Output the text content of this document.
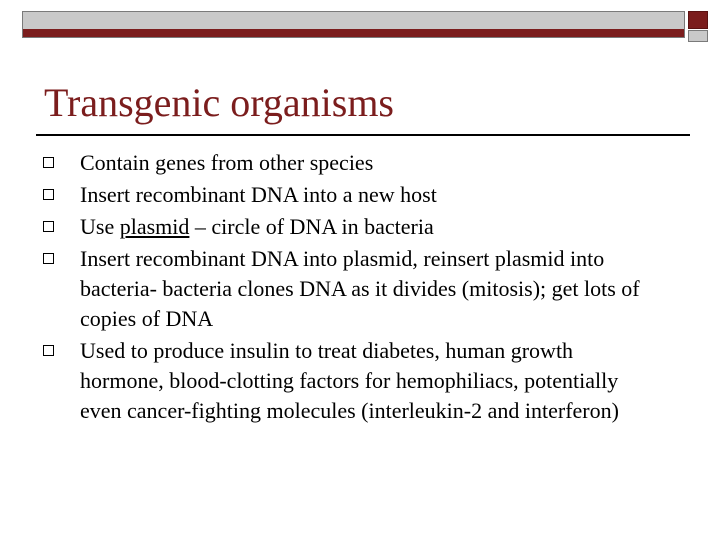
Transgenic organisms
Contain genes from other species
Insert recombinant DNA into a new host
Use plasmid – circle of DNA in bacteria
Insert recombinant DNA into plasmid, reinsert plasmid into bacteria- bacteria clones DNA as it divides (mitosis); get lots of copies of DNA
Used to produce insulin to treat diabetes, human growth hormone, blood-clotting factors for hemophiliacs, potentially even cancer-fighting molecules (interleukin-2 and interferon)
